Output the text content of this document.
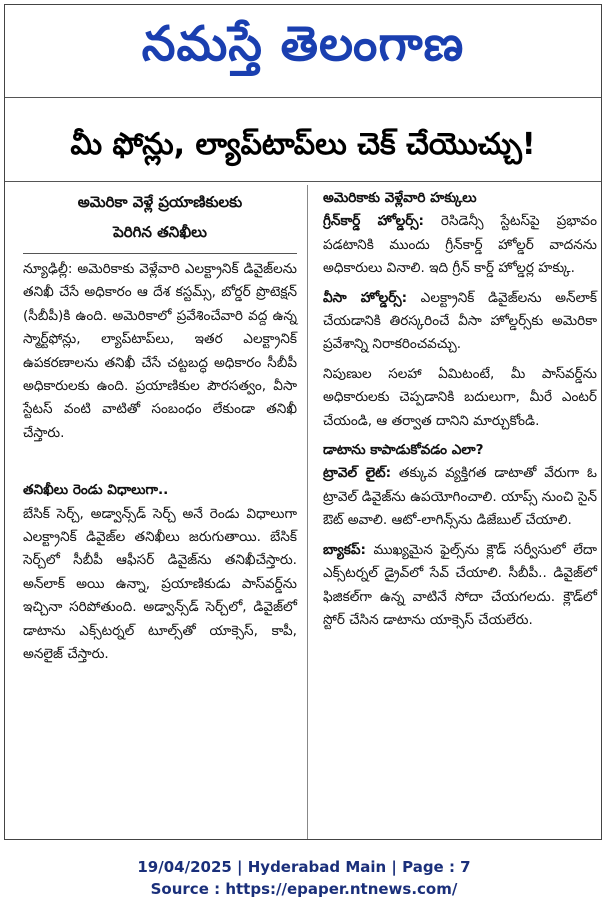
నమస్తే తెలంగాణ
మీ ఫోన్లు, ల్యాప్‌టాప్‌లు చెక్ చేయొచ్చు!
అమెరికా వెళ్లే ప్రయాణికులకు
పెరిగిన తనిఖీలు

న్యూఢిల్లీ: అమెరికాకు వెళ్లేవారి ఎలక్ట్రానిక్ డివైజ్‌లను తనిఖీ చేసే అధికారం ఆ దేశ కస్టమ్స్, బోర్డర్ ప్రొటెక్షన్ (సీబీపీ)కి ఉంది. అమెరికాలో ప్రవేశించేవారి వద్ద ఉన్న స్మార్ట్‌ఫోన్లు, ల్యాప్‌టాప్‌లు, ఇతర ఎలక్ట్రానిక్ ఉపకరణాలను తనిఖీ చేసే చట్టబద్ధ అధికారం సీబీపీ అధికారులకు ఉంది. ప్రయాణికుల పౌరసత్వం, వీసా స్టేటస్ వంటి వాటితో సంబంధం లేకుండా తనిఖీ చేస్తారు.

తనిఖీలు రెండు విధాలుగా..

బేసిక్ సెర్చ్, అడ్వాన్స్‌డ్ సెర్చ్ అనే రెండు విధాలుగా ఎలక్ట్రానిక్ డివైజ్‌ల తనిఖీలు జరుగుతాయి. బేసిక్ సెర్చ్‌లో సీబీపీ ఆఫీసర్ డివైజ్‌ను తనిఖీచేస్తారు. అన్‌లాక్ అయి ఉన్నా, ప్రయాణికుడు పాస్‌వర్డ్‌ను ఇచ్చినా సరిపోతుంది. అడ్వాన్స్‌డ్ సెర్చ్‌లో, డివైజ్‌లో డాటాను ఎక్స్‌టర్నల్ టూల్స్‌తో యాక్సెస్, కాపీ, అనలైజ్ చేస్తారు.

అమెరికాకు వెళ్లేవారి హక్కులు

గ్రీన్‌కార్డ్ హోల్డర్స్: రెసిడెన్సీ స్టేటస్‌పై ప్రభావం పడటానికి ముందు గ్రీన్‌కార్డ్ హోల్డర్ వాదనను అధికారులు వినాలి. ఇది గ్రీన్ కార్డ్ హోల్డర్ల హక్కు.

వీసా హోల్డర్స్: ఎలక్ట్రానిక్ డివైజ్‌లను అన్‌లాక్ చేయడానికి తిరస్కరించే వీసా హోల్డర్స్‌కు అమెరికా ప్రవేశాన్ని నిరాకరించవచ్చు.

నిపుణుల సలహా ఏమిటంటే, మీ పాస్‌వర్డ్‌ను అధికారులకు చెప్పడానికి బదులుగా, మీరే ఎంటర్ చేయండి, ఆ తర్వాత దానిని మార్చుకోండి.

డాటాను కాపాడుకోవడం ఎలా?

ట్రావెల్ లైట్: తక్కువ వ్యక్తిగత డాటాతో వేరుగా ఓ ట్రావెల్ డివైజ్‌ను ఉపయోగించాలి. యాప్స్ నుంచి సైన్ ఔట్ అవాలి. ఆటో-లాగిన్స్‌ను డిజేబుల్ చేయాలి.

బ్యాకప్: ముఖ్యమైన ఫైల్స్‌ను క్లౌడ్ సర్వీసులో లేదా ఎక్స్‌టర్నల్ డ్రైవ్‌లో సేవ్ చేయాలి. సీబీపీ.. డివైజ్‌లో ఫిజికల్‌గా ఉన్న వాటినే సోదా చేయగలదు. క్లౌడ్‌లో స్టోర్ చేసిన డాటాను యాక్సెస్ చేయలేరు.

19/04/2025 | Hyderabad Main | Page : 7
Source : https://epaper.ntnews.com/
